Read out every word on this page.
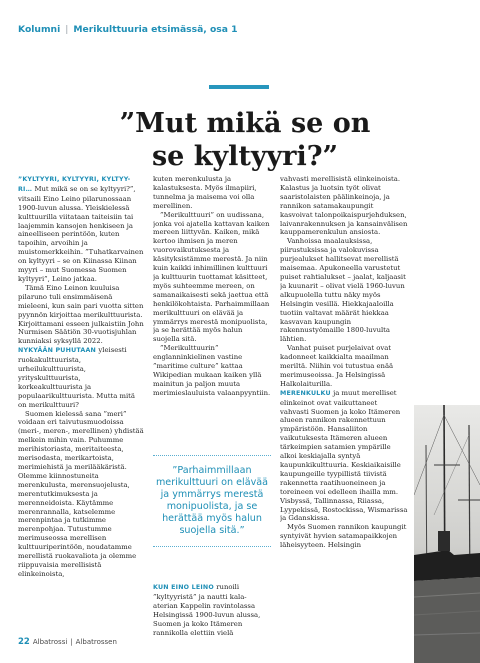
Kolumni | Merikulttuuria etsimässä, osa 1
”Mut mikä se on se kyltyyri?”

”KYLTYYRI, KYLTYYRI, KYLTYY-RI… Mut mikä se on se kyltyyri?”, vitsaili Eino Leino pilarunossaan 1900-luvun alussa. Yleiskielessä kulttuurilla viitataan taiteisiin tai laajemmin kansojen henkiseen ja aineelliseen perintöön, kuten tapoihin, arvoihin ja muistomerkkeihin. ”Tuhatkarvainen on kyltyyri – se on Kiinassa Kiinan myyri – mut Suomessa Suomen kyltyyri”, Leino jatkaa.

Tämä Eino Leinon kuuluisa pilaruno tuli ensimmäisenä mieleeni, kun sain pari vuotta sitten pyynnön kirjoittaa merikulttuurista. Kirjoittamani esseen julkaistiin John Nurmisen Säätiön 30-vuotisjuhlan kunniaksi syksyllä 2022.

NYKYÄÄN PUHUTAAN yleisesti ruokakulttuurista, urheilukulttuurista, yrityskulttuurista, korkeakulttuurista ja populaarikulttuurista. Mutta mitä on merikulttuuri?

Suomen kielessä sana ”meri” voidaan eri taivutusmuodoissa (meri-, meren-, merellinen) yhdistää melkein mihin vain. Puhumme merihistoriasta, meritaiteesta, merisodasta, merikartoista, merimiehistä ja merilääkäristä. Olemme kiinnostuneita merenkulusta, merensuojelusta, merentutkimuksesta ja merenneidoista. Käytämme merenrannalla, katselemme merenpintaa ja tutkimme merenpohjaa. Tutustumme merimuseossa merellisen kulttuuriperintöön, noudatamme merellistä ruokavaliota ja olemme riippuvaisia merellisistä elinkeinoista,

kuten merenkulusta ja kalastuksesta. Myös ilmapiiri, tunnelma ja maisema voi olla merellinen.

”Merikulttuuri” on uudissana, jonka voi ajatella kattavan kaiken mereen liittyvän. Kaiken, mikä kertoo ihmisen ja meren vuorovaikutuksesta ja käsityksistämme merestä. Ja niin kuin kaikki inhimillinen kulttuuri ja kulttuurin tuottamat käsitteet, myös suhteemme mereen, on samanaikaisesti sekä jaettua että henkilökohtaista. Parhaimmillaan merikulttuuri on elävää ja ymmärrys merestä monipuolista, ja se herättää myös halun suojella sitä.

”Merikulttuurin” englanninkielinen vastine ”maritime culture” kattaa Wikipedian mukaan kaiken yllä mainitun ja paljon muuta merimieslauluista valaanpyyntiin.

”Parhaimmillaan merikulttuuri on elävää ja ymmärrys merestä monipuolista, ja se herättää myös halun suojella sitä.”

KUN EINO LEINO runoili ”kyltyyristä” ja nautti kala-aterian Kappelin ravintolassa Helsingissä 1900-luvun alussa, Suomen ja koko Itämeren rannikolla elettiin vielä

vahvasti merellisistä elinkeinoista. Kalastus ja luotsin työt olivat saaristolaisten päälinkeinoja, ja rannikon satamakaupungit kasvoivat talonpoikaispurjehduksen, laivanrakennuksen ja kansainvälisen kauppamerenkulun ansiosta.

Vanhoissa maalauksissa, piirustuksissa ja valokuvissa purjealukset hallitsevat merellistä maisemaa. Apukoneella varustetut puiset rahtialukset – jaalat, kaljaasit ja kuunarit – olivat vielä 1960-luvun alkupuolella tuttu näky myös Helsingin vesillä. Hiekkajaaloilla tuotiin valtavat määrät hiekkaa kasvavan kaupungin rakennustyömaille 1800-luvulta lähtien.

Vanhat puiset purjelaivat ovat kadonneet kaikkialta maailman meriltä. Niihin voi tutustua enää merimuseoissa. Ja Helsingissä Halkolaiturilla.

MERENKULKU ja muut merelliset elinkeinot ovat vaikuttaneet vahvasti Suomen ja koko Itämeren alueen rannikon rakennettuun ympäristöön. Hansaliiton vaikutuksesta Itämeren alueen tärkeimpien satamien ympärille alkoi keskiajalla syntyä kaupunkikulttuuria. Keskiaikaisille kaupungeille tyypillistä tiivistä rakennetta raatihuoneineen ja toreineen voi edelleen ihailla mm. Visbyssä, Tallinnassa, Riiassa, Lyypekissä, Rostockissa, Wismarissa ja Gdanskissa.

Myös Suomen rannikon kaupungit syntyivät hyvien satamapaikkojen läheisyyteen. Helsingin

22 Albatrossi | Albatrossen
